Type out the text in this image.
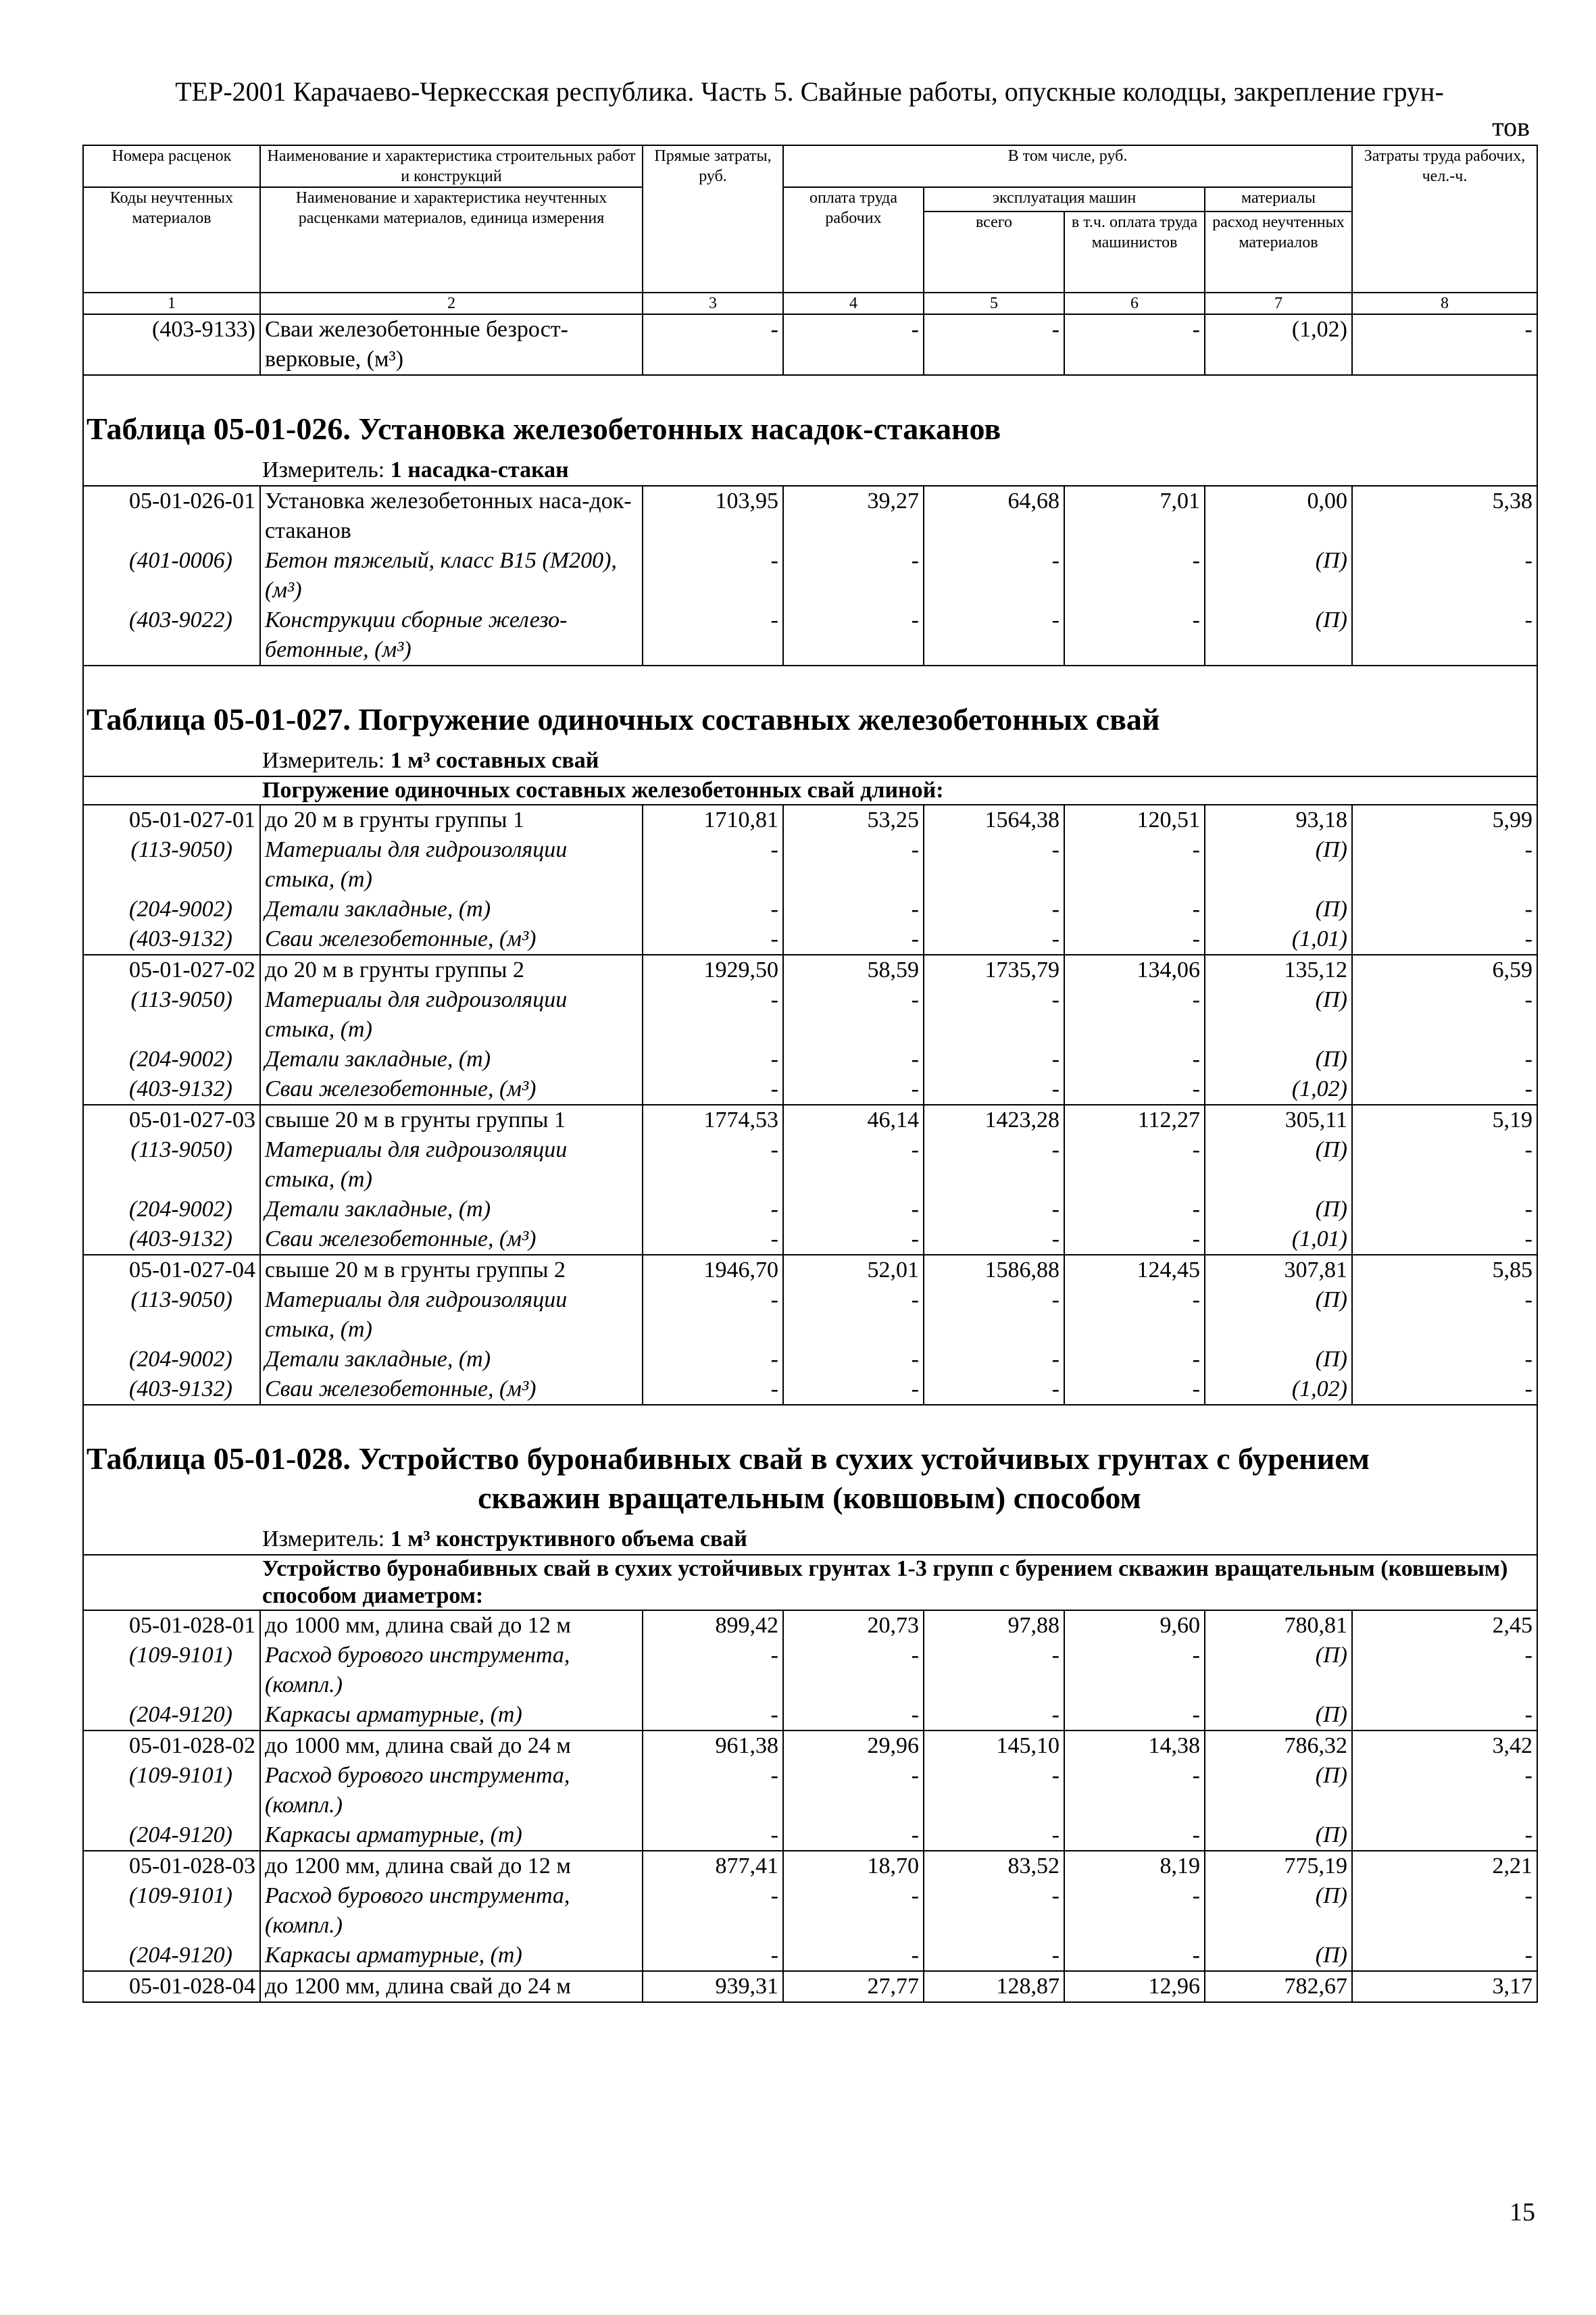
ТЕР-2001 Карачаево-Черкесская республика. Часть 5. Свайные работы, опускные колодцы, закрепление грун-
тов
Номера расценок	Наименование и характеристика строительных работ и конструкций	Прямые затраты, руб.	В том числе, руб.				Затраты труда рабочих, чел.-ч.
Коды неучтенных материалов	Наименование и характеристика неучтенных расценками материалов, единица измерения		оплата труда рабочих	эксплуатация машин		материалы	
				всего	в т.ч. оплата труда машинистов	расход неучтенных материалов	
1	2	3	4	5	6	7	8
(403-9133)	Сваи железобетонные безрост-верковые, (м³)	-	-	-	-	(1,02)	-
Таблица 05-01-026. Установка железобетонных насадок-стаканов							
Измеритель: 1 насадка-стакан							
05-01-026-01	Установка железобетонных наса-док-стаканов	103,95	39,27	64,68	7,01	0,00	5,38
(401-0006)	Бетон тяжелый, класс В15 (М200), (м³)	-	-	-	-	(П)	-
(403-9022)	Конструкции сборные железо-бетонные, (м³)	-	-	-	-	(П)	-
Таблица 05-01-027. Погружение одиночных составных железобетонных свай							
Измеритель: 1 м³ составных свай							
Погружение одиночных составных железобетонных свай длиной:							
05-01-027-01	до 20 м в грунты группы 1	1710,81	53,25	1564,38	120,51	93,18	5,99
(113-9050)	Материалы для гидроизоляции стыка, (т)	-	-	-	-	(П)	-
(204-9002)	Детали закладные, (т)	-	-	-	-	(П)	-
(403-9132)	Сваи железобетонные, (м³)	-	-	-	-	(1,01)	-
05-01-027-02	до 20 м в грунты группы 2	1929,50	58,59	1735,79	134,06	135,12	6,59
(113-9050)	Материалы для гидроизоляции стыка, (т)	-	-	-	-	(П)	-
(204-9002)	Детали закладные, (т)	-	-	-	-	(П)	-
(403-9132)	Сваи железобетонные, (м³)	-	-	-	-	(1,02)	-
05-01-027-03	свыше 20 м в грунты группы 1	1774,53	46,14	1423,28	112,27	305,11	5,19
(113-9050)	Материалы для гидроизоляции стыка, (т)	-	-	-	-	(П)	-
(204-9002)	Детали закладные, (т)	-	-	-	-	(П)	-
(403-9132)	Сваи железобетонные, (м³)	-	-	-	-	(1,01)	-
05-01-027-04	свыше 20 м в грунты группы 2	1946,70	52,01	1586,88	124,45	307,81	5,85
(113-9050)	Материалы для гидроизоляции стыка, (т)	-	-	-	-	(П)	-
(204-9002)	Детали закладные, (т)	-	-	-	-	(П)	-
(403-9132)	Сваи железобетонные, (м³)	-	-	-	-	(1,02)	-
Таблица 05-01-028. Устройство буронабивных свай в сухих устойчивых грунтах с бурением
скважин вращательным (ковшовым) способом							

Измеритель: 1 м³ конструктивного объема свай							
Устройство буронабивных свай в сухих устойчивых грунтах 1-3 групп с бурением скважин вращательным (ковшевым) способом диаметром:							
05-01-028-01	до 1000 мм, длина свай до 12 м	899,42	20,73	97,88	9,60	780,81	2,45
(109-9101)	Расход бурового инструмента, (компл.)	-	-	-	-	(П)	-
(204-9120)	Каркасы арматурные, (т)	-	-	-	-	(П)	-
05-01-028-02	до 1000 мм, длина свай до 24 м	961,38	29,96	145,10	14,38	786,32	3,42
(109-9101)	Расход бурового инструмента, (компл.)	-	-	-	-	(П)	-
(204-9120)	Каркасы арматурные, (т)	-	-	-	-	(П)	-
05-01-028-03	до 1200 мм, длина свай до 12 м	877,41	18,70	83,52	8,19	775,19	2,21
(109-9101)	Расход бурового инструмента, (компл.)	-	-	-	-	(П)	-
(204-9120)	Каркасы арматурные, (т)	-	-	-	-	(П)	-
05-01-028-04	до 1200 мм, длина свай до 24 м	939,31	27,77	128,87	12,96	782,67	3,17
15
